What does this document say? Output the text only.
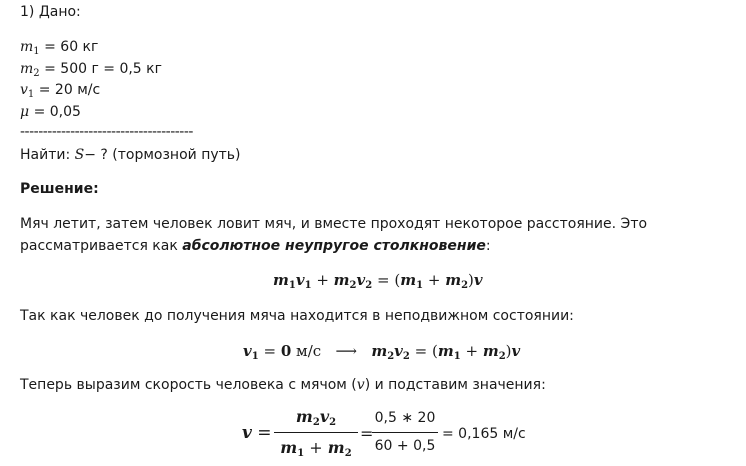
1) Дано:
$m_1 = 60$ кг
$m_2 = 500$ г = 0,5 кг
$v_1 = 20$ м/с
μ = 0,05
--------------------------------------
Найти: S− ? (тормозной путь)
Решение:
Мяч летит, затем человек ловит мяч, и вместе проходят некоторое расстояние. Это
рассматривается как абсолютное неупругое столкновение:
$m_1v_1 + m_2v_2 = (m_1 + m_2)v$
Так как человек до получения мяча находится в неподвижном состоянии:
$v_1 = 0$ м/с ⟶ $m_2v_2 = (m_1 + m_2)v$
Теперь выразим скорость человека с мячом (v) и подставим значения:
v =
$m_2v_2$
$m_1 + m_2$
=
0,5 ∗ 20
60 + 0,5
= 0,165 м/с
